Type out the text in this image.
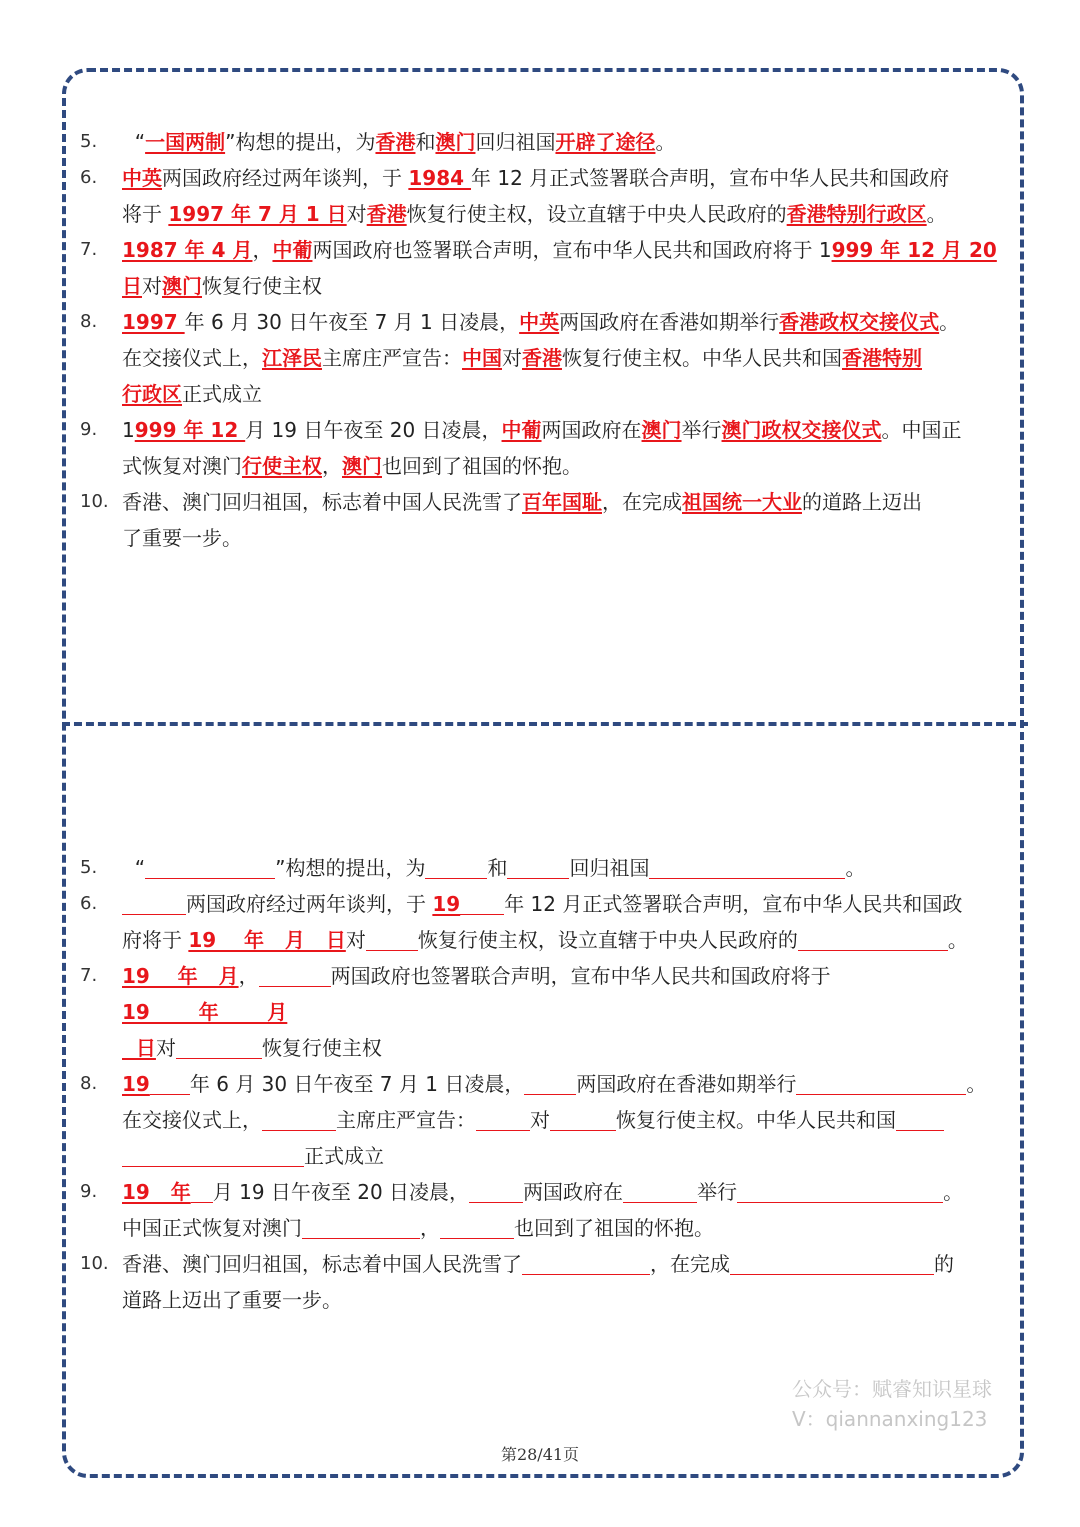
5.	“一国两制”构想的提出，为香港和澳门回归祖国开辟了途径。
6.	中英两国政府经过两年谈判，于 1984 年 12 月正式签署联合声明，宣布中华人民共和国政府
将于 1997 年 7 月 1 日对香港恢复行使主权，设立直辖于中央人民政府的香港特别行政区。
7.	1987 年 4 月，中葡两国政府也签署联合声明，宣布中华人民共和国政府将于 1999 年 12 月 20
日对澳门恢复行使主权
8.	1997 年 6 月 30 日午夜至 7 月 1 日凌晨，中英两国政府在香港如期举行香港政权交接仪式。
在交接仪式上，江泽民主席庄严宣告：中国对香港恢复行使主权。中华人民共和国香港特别
行政区正式成立
9.	1999 年 12 月 19 日午夜至 20 日凌晨，中葡两国政府在澳门举行澳门政权交接仪式。中国正
式恢复对澳门行使主权，澳门也回到了祖国的怀抱。
10. 香港、澳门回归祖国，标志着中国人民洗雪了百年国耻，在完成祖国统一大业的道路上迈出
了重要一步。
5.	“	”构想的提出，为	和	回归祖国	。
6.	两国政府经过两年谈判，于 19 年 12 月正式签署联合声明，宣布中华人民共和国政
府将于 19    年   月   日对	恢复行使主权，设立直辖于中央人民政府的	。
7.	19    年   月，	两国政府也签署联合声明，宣布中华人民共和国政府将于 19       年       月
日对	恢复行使主权
8.	19 年 6 月 30 日午夜至 7 月 1 日凌晨，	两国政府在香港如期举行	。
在交接仪式上，	主席庄严宣告：	对	恢复行使主权。中华人民共和国
正式成立
9.	19   年 月 19 日午夜至 20 日凌晨，	两国政府在	举行	。
中国正式恢复对澳门	，	也回到了祖国的怀抱。
10. 香港、澳门回归祖国，标志着中国人民洗雪了	，在完成	的
道路上迈出了重要一步。
公众号：赋睿知识星球
V：qiannanxing123
第28/41页
